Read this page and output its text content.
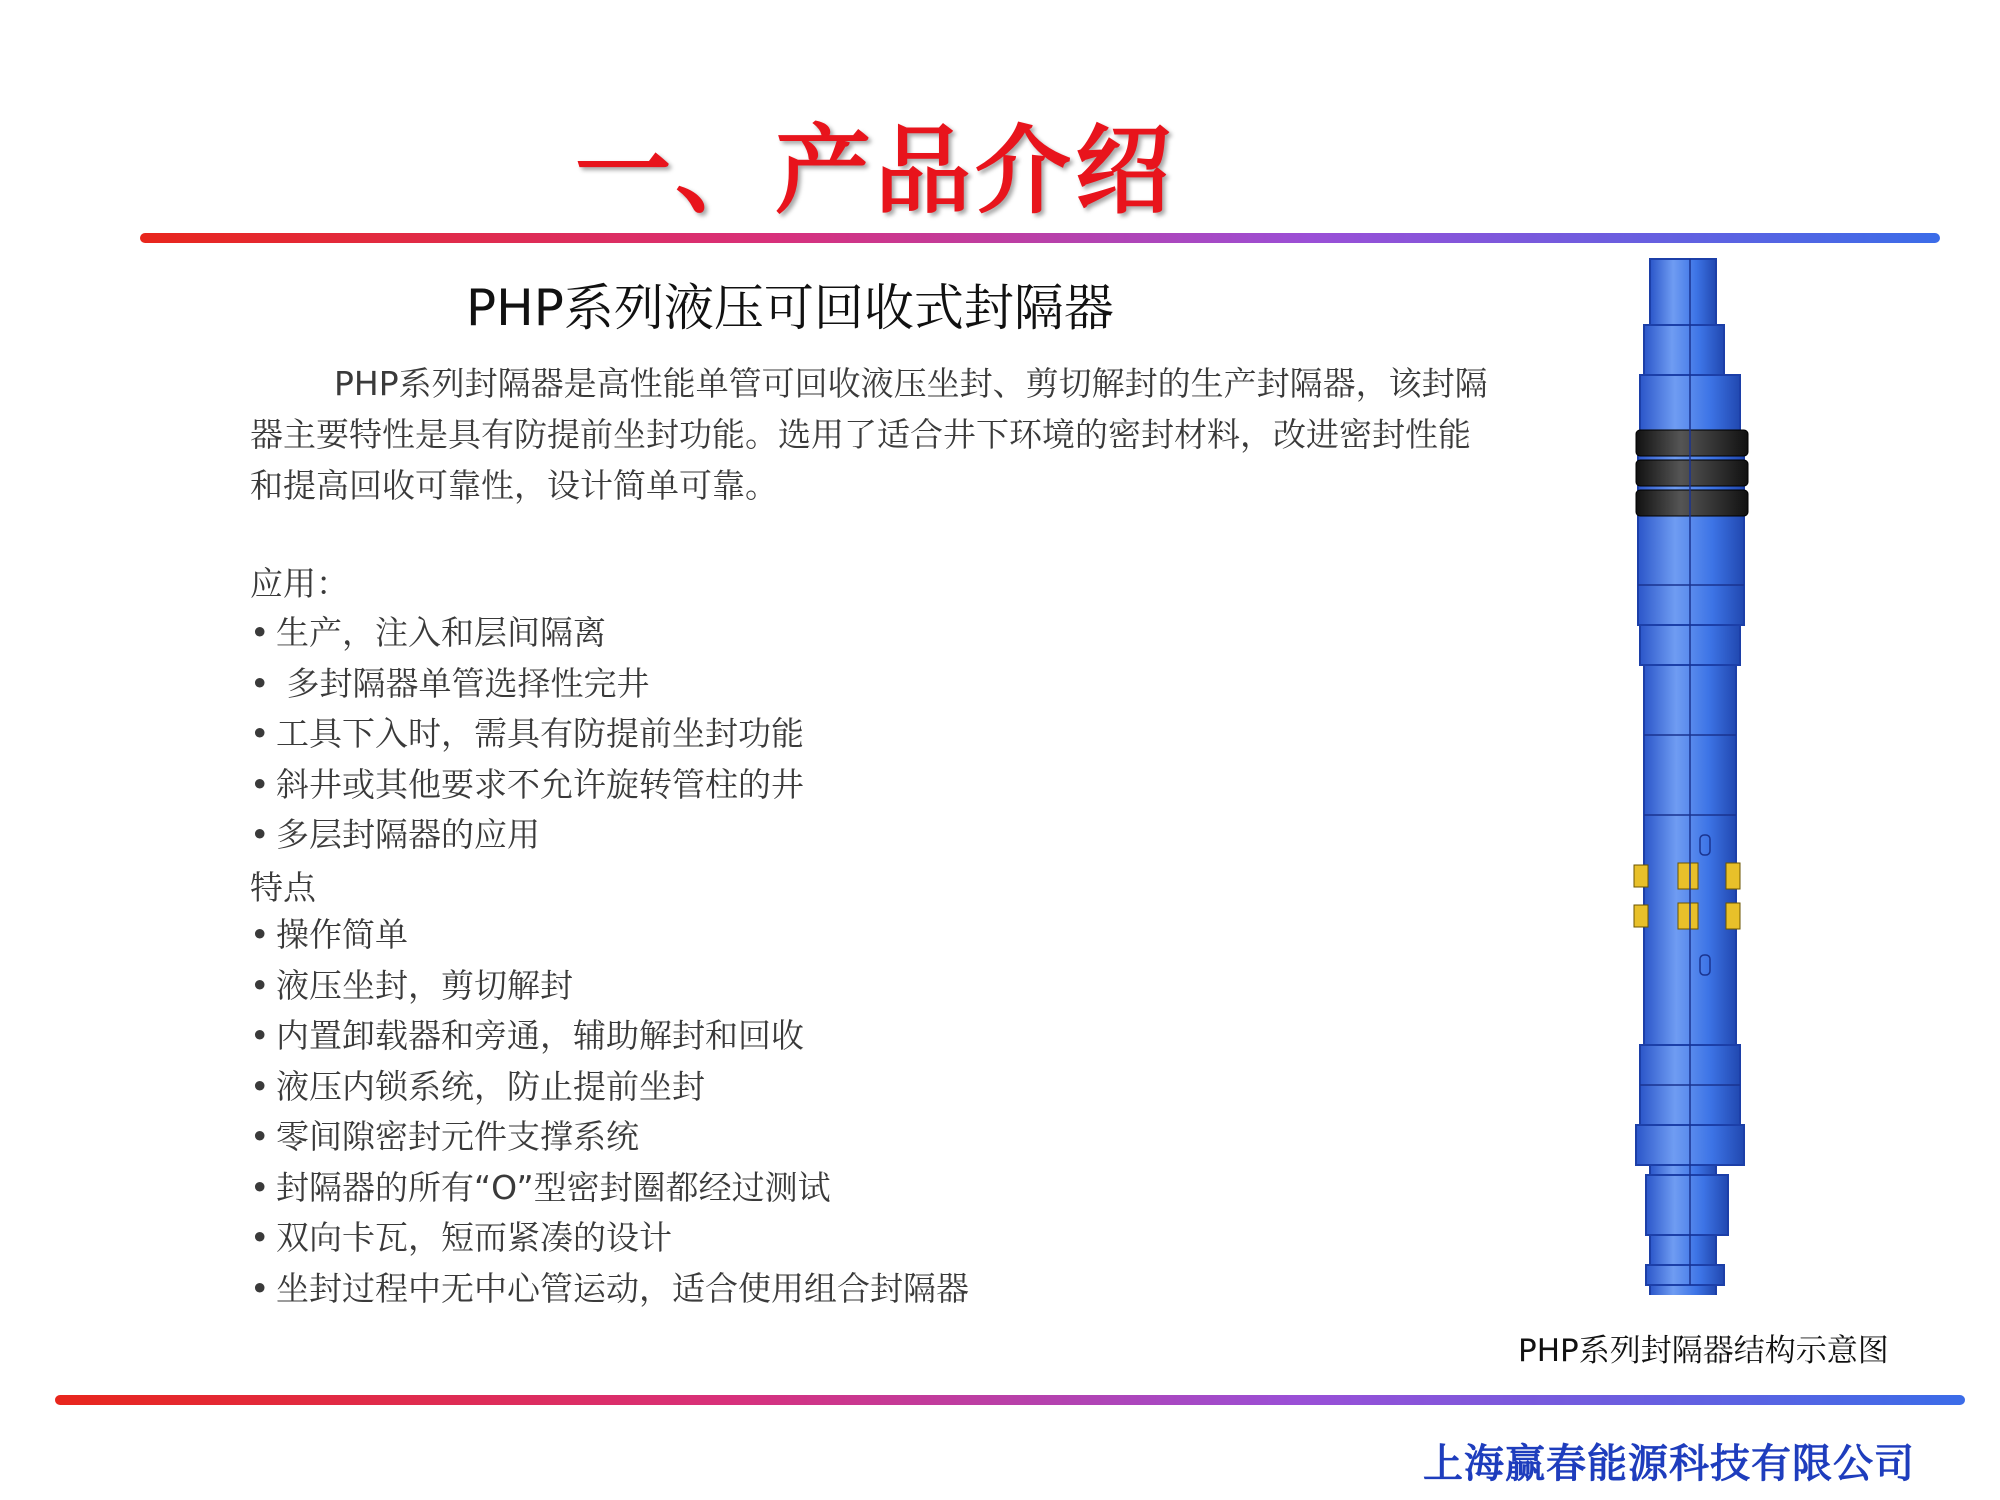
一、产品介绍
PHP系列液压可回收式封隔器
PHP系列封隔器是高性能单管可回收液压坐封、剪切解封的生产封隔器，该封隔器主要特性是具有防提前坐封功能。选用了适合井下环境的密封材料，改进密封性能和提高回收可靠性，设计简单可靠。
应用：
• 生产，注入和层间隔离
• 多封隔器单管选择性完井
• 工具下入时，需具有防提前坐封功能
• 斜井或其他要求不允许旋转管柱的井
• 多层封隔器的应用
特点
• 操作简单
• 液压坐封，剪切解封
• 内置卸载器和旁通，辅助解封和回收
• 液压内锁系统，防止提前坐封
• 零间隙密封元件支撑系统
• 封隔器的所有“O”型密封圈都经过测试
• 双向卡瓦，短而紧凑的设计
• 坐封过程中无中心管运动，适合使用组合封隔器
PHP系列封隔器结构示意图
上海赢春能源科技有限公司
